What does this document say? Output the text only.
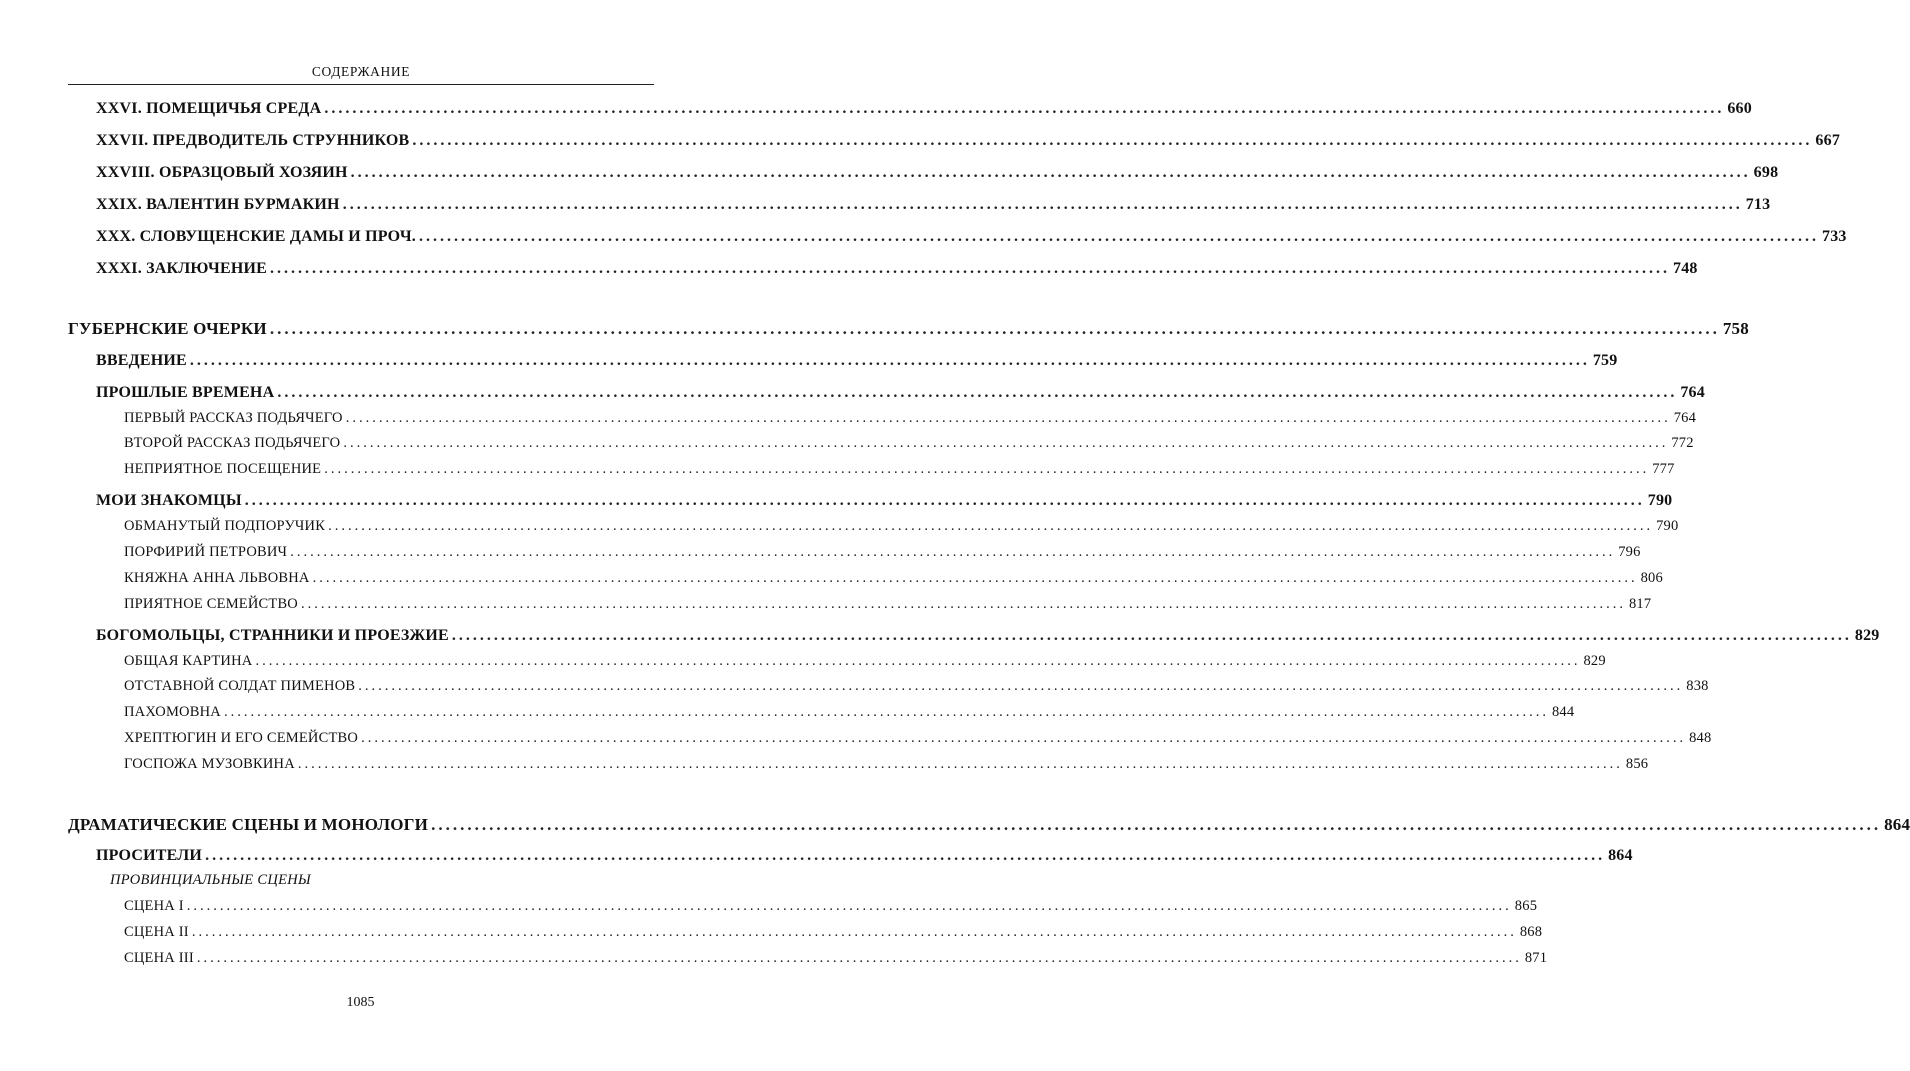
СОДЕРЖАНИЕ
XXVI. ПОМЕЩИЧЬЯ СРЕДА ........................................................................................................................................................................................................ 660
XXVII. ПРЕДВОДИТЕЛЬ СТРУННИКОВ ........................................................................................................................................................................................................ 667
XXVIII. ОБРАЗЦОВЫЙ ХОЗЯИН ........................................................................................................................................................................................................ 698
XXIX. ВАЛЕНТИН БУРМАКИН ........................................................................................................................................................................................................ 713
XXX. СЛОВУЩЕНСКИЕ ДАМЫ И ПРОЧ. ........................................................................................................................................................................................................ 733
XXXI. ЗАКЛЮЧЕНИЕ ........................................................................................................................................................................................................ 748
ГУБЕРНСКИЕ ОЧЕРКИ ........................................................................................................................................................................................................ 758
ВВЕДЕНИЕ ........................................................................................................................................................................................................ 759
ПРОШЛЫЕ ВРЕМЕНА ........................................................................................................................................................................................................ 764
ПЕРВЫЙ РАССКАЗ ПОДЬЯЧЕГО ........................................................................................................................................................................................................ 764
ВТОРОЙ РАССКАЗ ПОДЬЯЧЕГО ........................................................................................................................................................................................................ 772
НЕПРИЯТНОЕ ПОСЕЩЕНИЕ ........................................................................................................................................................................................................ 777
МОИ ЗНАКОМЦЫ ........................................................................................................................................................................................................ 790
ОБМАНУТЫЙ ПОДПОРУЧИК ........................................................................................................................................................................................................ 790
ПОРФИРИЙ ПЕТРОВИЧ ........................................................................................................................................................................................................ 796
КНЯЖНА АННА ЛЬВОВНА ........................................................................................................................................................................................................ 806
ПРИЯТНОЕ СЕМЕЙСТВО ........................................................................................................................................................................................................ 817
БОГОМОЛЬЦЫ, СТРАННИКИ И ПРОЕЗЖИЕ ........................................................................................................................................................................................................ 829
ОБЩАЯ КАРТИНА ........................................................................................................................................................................................................ 829
ОТСТАВНОЙ СОЛДАТ ПИМЕНОВ ........................................................................................................................................................................................................ 838
ПАХОМОВНА ........................................................................................................................................................................................................ 844
ХРЕПТЮГИН И ЕГО СЕМЕЙСТВО ........................................................................................................................................................................................................ 848
ГОСПОЖА МУЗОВКИНА ........................................................................................................................................................................................................ 856
ДРАМАТИЧЕСКИЕ СЦЕНЫ И МОНОЛОГИ ........................................................................................................................................................................................................ 864
ПРОСИТЕЛИ ........................................................................................................................................................................................................ 864
СЦЕНА I ........................................................................................................................................................................................................ 865
СЦЕНА II ........................................................................................................................................................................................................ 868
СЦЕНА III ........................................................................................................................................................................................................ 871
ПРОВИНЦИАЛЬНЫЕ СЦЕНЫ
1085
